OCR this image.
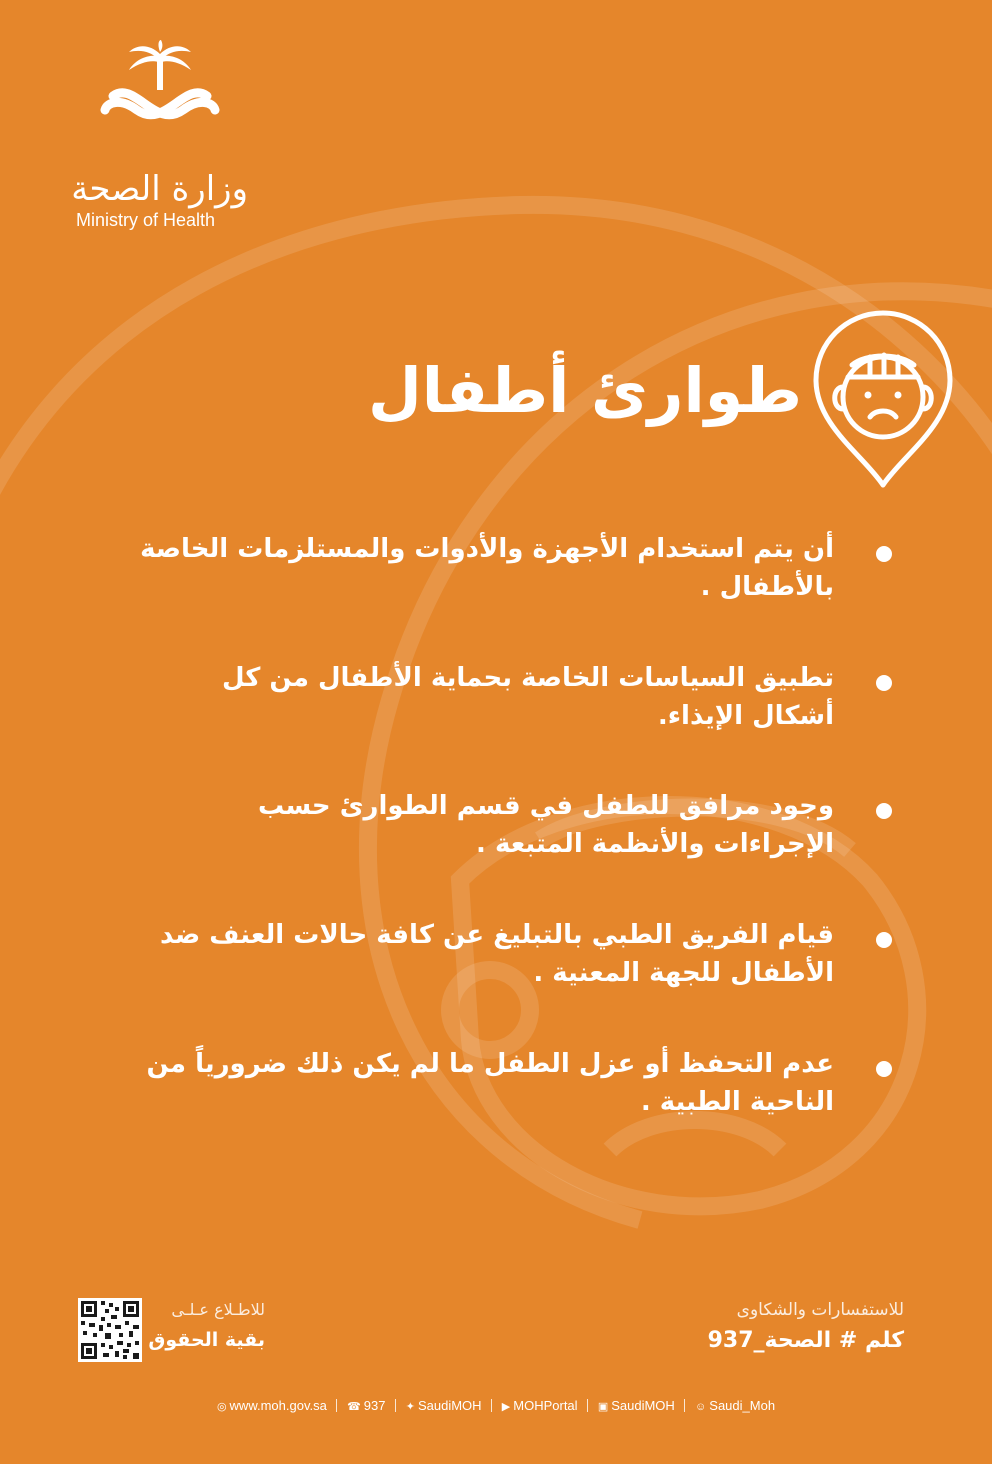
وزارة الصحة
Ministry of Health
طوارئ أطفال
أن يتم استخدام الأجهزة والأدوات والمستلزمات الخاصة بالأطفال .
تطبيق السياسات الخاصة بحماية الأطفال من كل أشكال الإيذاء.
وجود مرافق للطفل في قسم الطوارئ حسب الإجراءات والأنظمة المتبعة .
قيام الفريق الطبي بالتبليغ عن كافة حالات العنف ضد الأطفال للجهة المعنية .
عدم التحفظ أو عزل الطفل ما لم يكن ذلك ضرورياً من الناحية الطبية .
للاطـلاع عـلـى
بقية الحقوق
للاستفسارات والشكاوى
كلم # الصحة_937
◎ www.moh.gov.sa ☎ 937 ✦ SaudiMOH ▶ MOHPortal ▣ SaudiMOH ☺ Saudi_Moh
